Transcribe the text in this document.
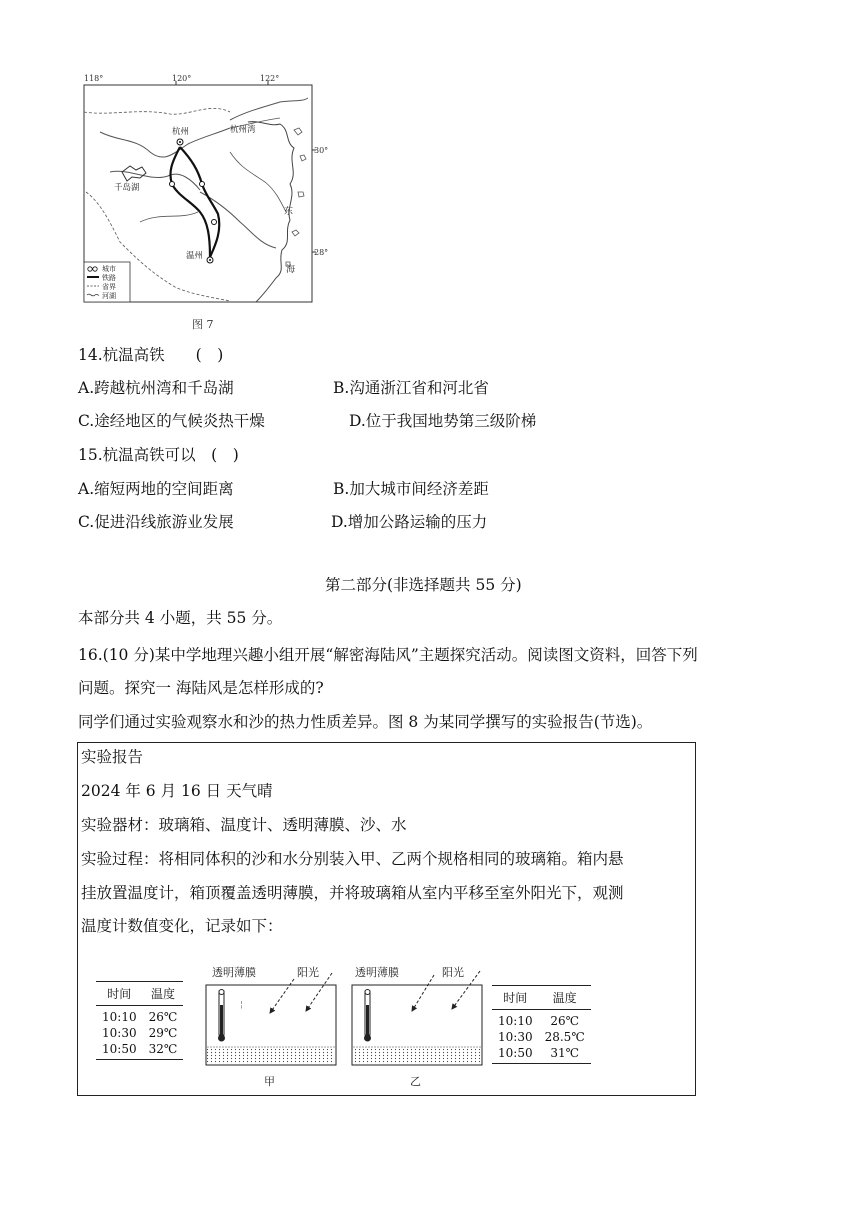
118°	120°	122°
30°
28°
杭州	杭州湾
千岛湖
温州
东
海
城市
铁路
省界
河湖
图 7
14.杭温高铁　　(　)
A.跨越杭州湾和千岛湖	B.沟通浙江省和河北省
C.途经地区的气候炎热干燥	D.位于我国地势第三级阶梯
15.杭温高铁可以　(　)
A.缩短两地的空间距离	B.加大城市间经济差距
C.促进沿线旅游业发展	D.增加公路运输的压力
第二部分(非选择题共 55 分)
本部分共 4 小题，共 55 分。
16.(10 分)某中学地理兴趣小组开展“解密海陆风”主题探究活动。阅读图文资料，回答下列
问题。探究一 海陆风是怎样形成的?
同学们通过实验观察水和沙的热力性质差异。图 8 为某同学撰写的实验报告(节选)。
实验报告
2024 年 6 月 16 日 天气晴
实验器材：玻璃箱、温度计、透明薄膜、沙、水
实验过程：将相同体积的沙和水分别装入甲、乙两个规格相同的玻璃箱。箱内悬
挂放置温度计，箱顶覆盖透明薄膜，并将玻璃箱从室内平移至室外阳光下，观测
温度计数值变化，记录如下：
时间	温度
10:10	26℃
10:30	29℃
10:50	32℃
¦
透明薄膜	阳光	透明薄膜	阳光
甲	乙
时间	温度
10:10	26℃
10:30	28.5℃
10:50	31℃
